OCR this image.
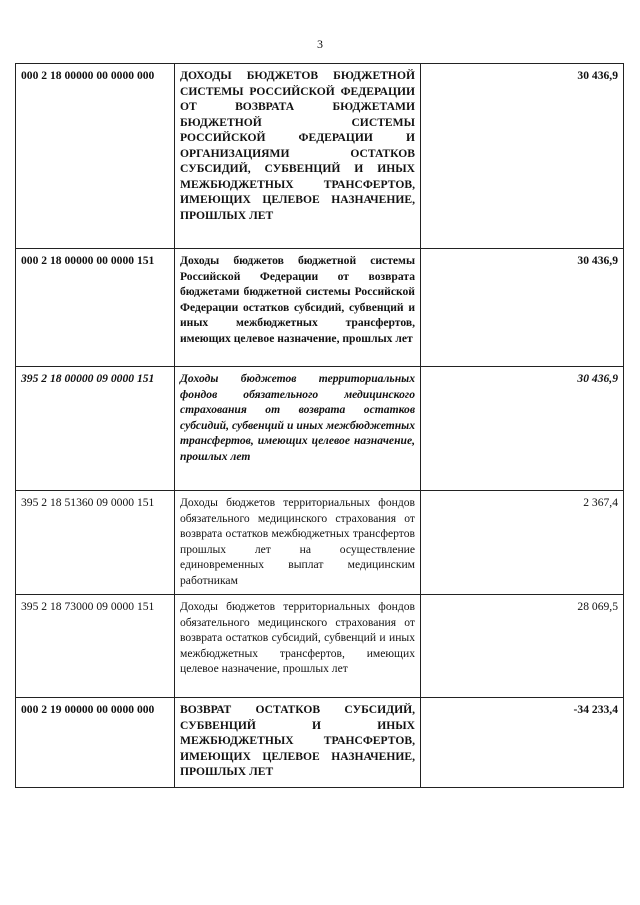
3
000 2 18 00000 00 0000 000	ДОХОДЫ БЮДЖЕТОВ БЮДЖЕТНОЙ СИСТЕМЫ РОССИЙСКОЙ ФЕДЕРАЦИИ ОТ ВОЗВРАТА БЮДЖЕТАМИ БЮДЖЕТНОЙ СИСТЕМЫ РОССИЙСКОЙ ФЕДЕРАЦИИ И ОРГАНИЗАЦИЯМИ ОСТАТКОВ СУБСИДИЙ, СУБВЕНЦИЙ И ИНЫХ МЕЖБЮДЖЕТНЫХ ТРАНСФЕРТОВ, ИМЕЮЩИХ ЦЕЛЕВОЕ НАЗНАЧЕНИЕ, ПРОШЛЫХ ЛЕТ	30 436,9
000 2 18 00000 00 0000 151	Доходы бюджетов бюджетной системы Российской Федерации от возврата бюджетами бюджетной системы Российской Федерации остатков субсидий, субвенций и иных межбюджетных трансфертов, имеющих целевое назначение, прошлых лет	30 436,9
395 2 18 00000 09 0000 151	Доходы бюджетов территориальных фондов обязательного медицинского страхования от возврата остатков субсидий, субвенций и иных межбюджетных трансфертов, имеющих целевое назначение, прошлых лет	30 436,9
395 2 18 51360 09 0000 151	Доходы бюджетов территориальных фондов обязательного медицинского страхования от возврата остатков межбюджетных трансфертов прошлых лет на осуществление единовременных выплат медицинским работникам	2 367,4
395 2 18 73000 09 0000 151	Доходы бюджетов территориальных фондов обязательного медицинского страхования от возврата остатков субсидий, субвенций и иных межбюджетных трансфертов, имеющих целевое назначение, прошлых лет	28 069,5
000 2 19 00000 00 0000 000	ВОЗВРАТ ОСТАТКОВ СУБСИДИЙ, СУБВЕНЦИЙ И ИНЫХ МЕЖБЮДЖЕТНЫХ ТРАНСФЕРТОВ, ИМЕЮЩИХ ЦЕЛЕВОЕ НАЗНАЧЕНИЕ, ПРОШЛЫХ ЛЕТ	-34 233,4
